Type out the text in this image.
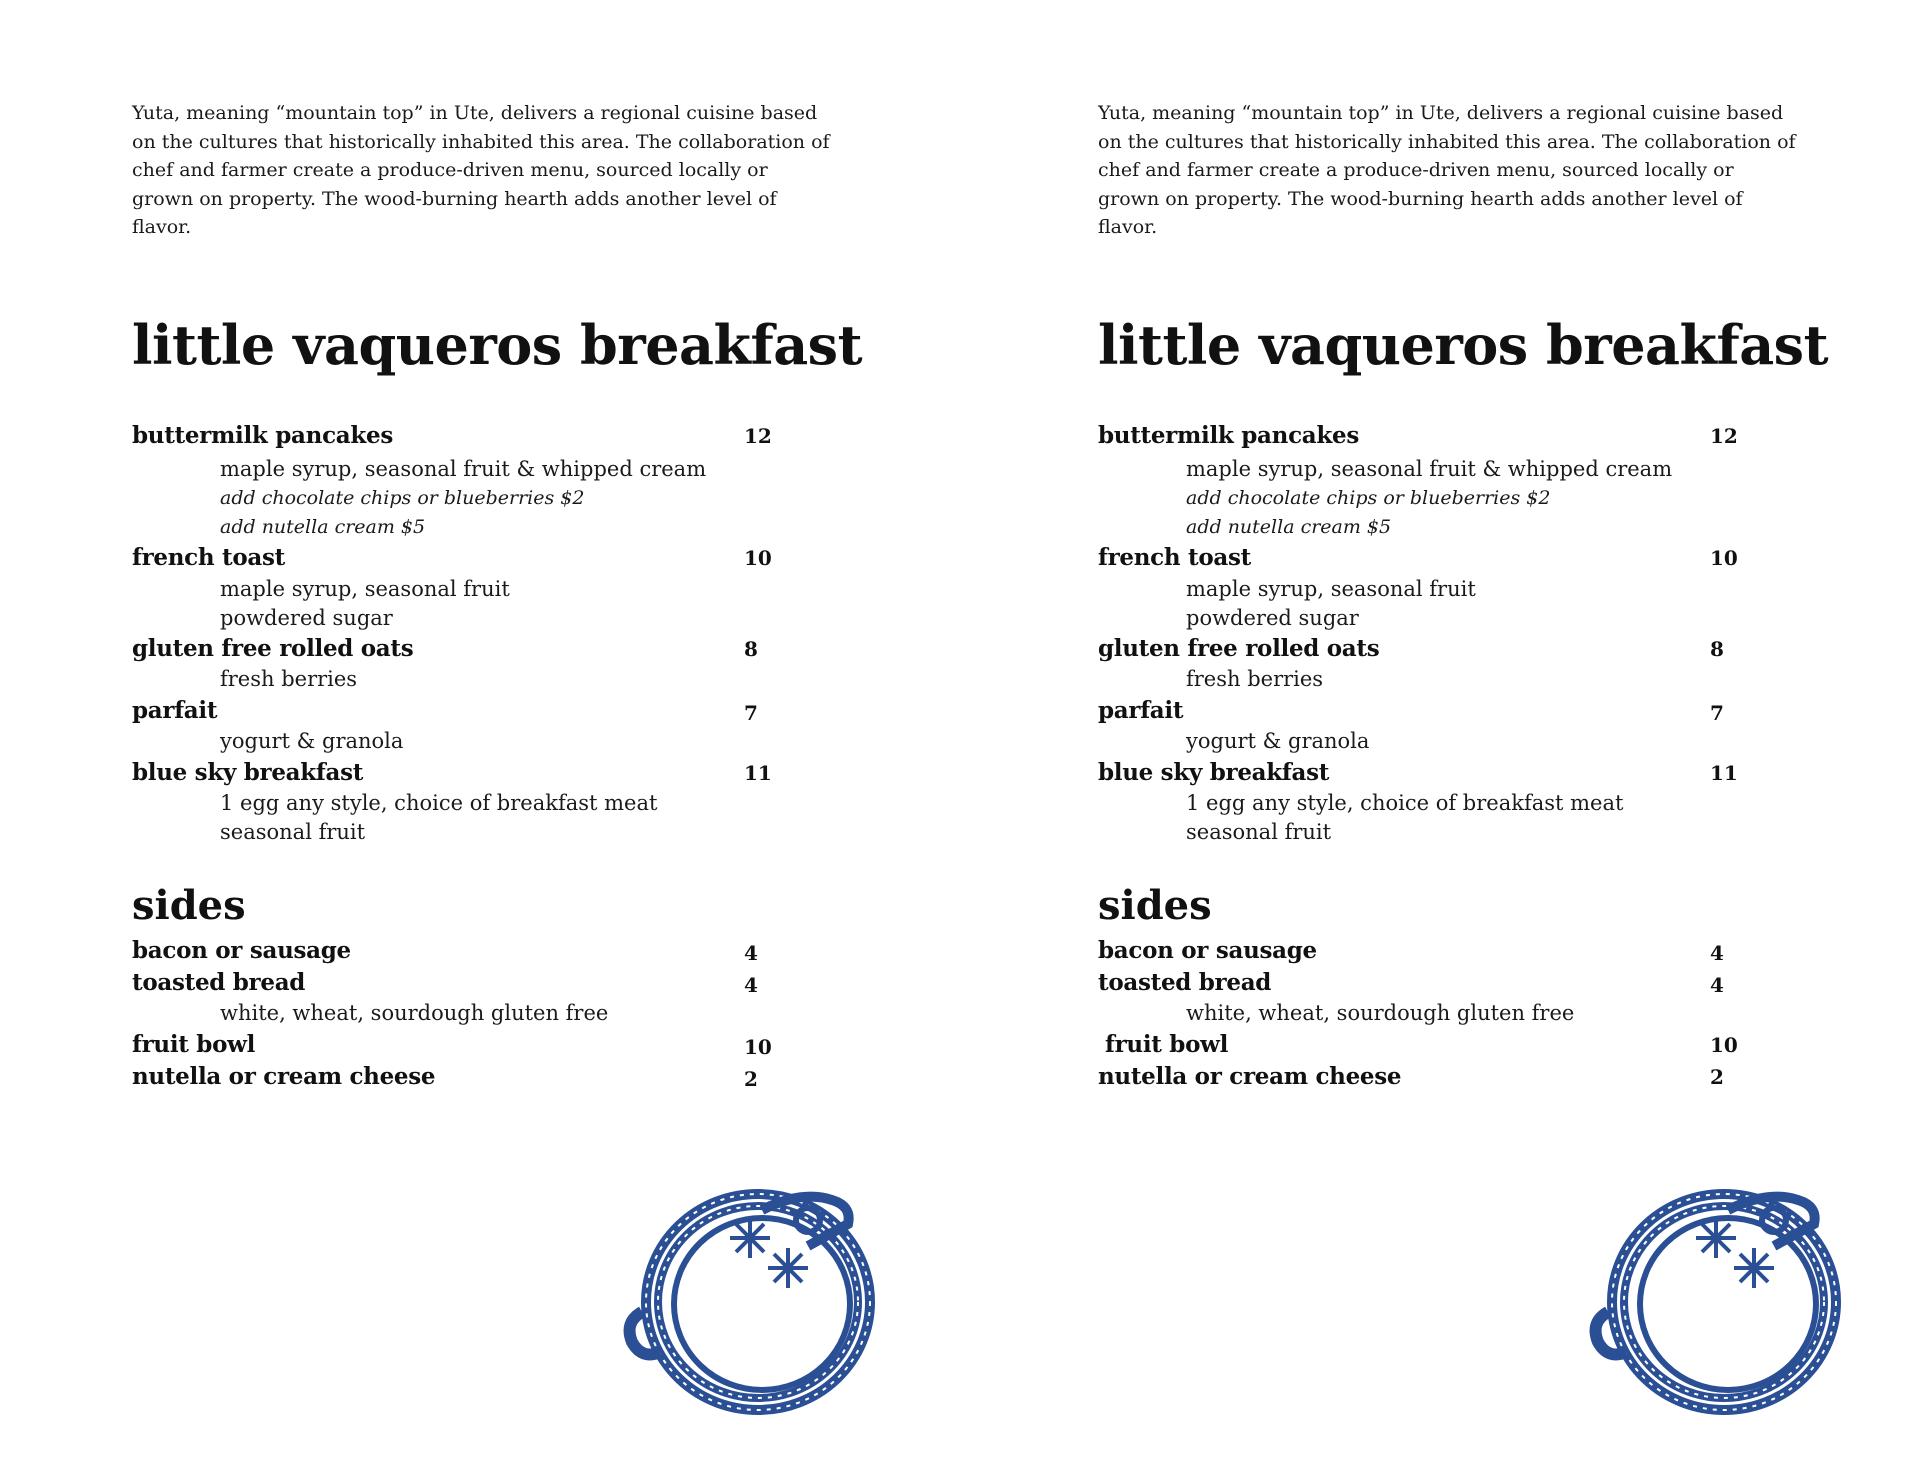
Yuta, meaning “mountain top” in Ute, delivers a regional cuisine based on the cultures that historically inhabited this area. The collaboration of chef and farmer create a produce-driven menu, sourced locally or grown on property. The wood-burning hearth adds another level of flavor.

little vaqueros breakfast
buttermilk pancakes	12
maple syrup, seasonal fruit & whipped cream
add chocolate chips or blueberries $2
add nutella cream $5
french toast	10
maple syrup, seasonal fruit
powdered sugar
gluten free rolled oats	8
fresh berries
parfait	7
yogurt & granola
blue sky breakfast	11
1 egg any style, choice of breakfast meat
seasonal fruit
sides
bacon or sausage	4
toasted bread	4
white, wheat, sourdough gluten free
fruit bowl	10
nutella or cream cheese	2

Yuta, meaning “mountain top” in Ute, delivers a regional cuisine based on the cultures that historically inhabited this area. The collaboration of chef and farmer create a produce-driven menu, sourced locally or grown on property. The wood-burning hearth adds another level of flavor.

little vaqueros breakfast
buttermilk pancakes	12
maple syrup, seasonal fruit & whipped cream
add chocolate chips or blueberries $2
add nutella cream $5
french toast	10
maple syrup, seasonal fruit
powdered sugar
gluten free rolled oats	8
fresh berries
parfait	7
yogurt & granola
blue sky breakfast	11
1 egg any style, choice of breakfast meat
seasonal fruit
sides
bacon or sausage	4
toasted bread	4
white, wheat, sourdough gluten free
fruit bowl	10
nutella or cream cheese	2
